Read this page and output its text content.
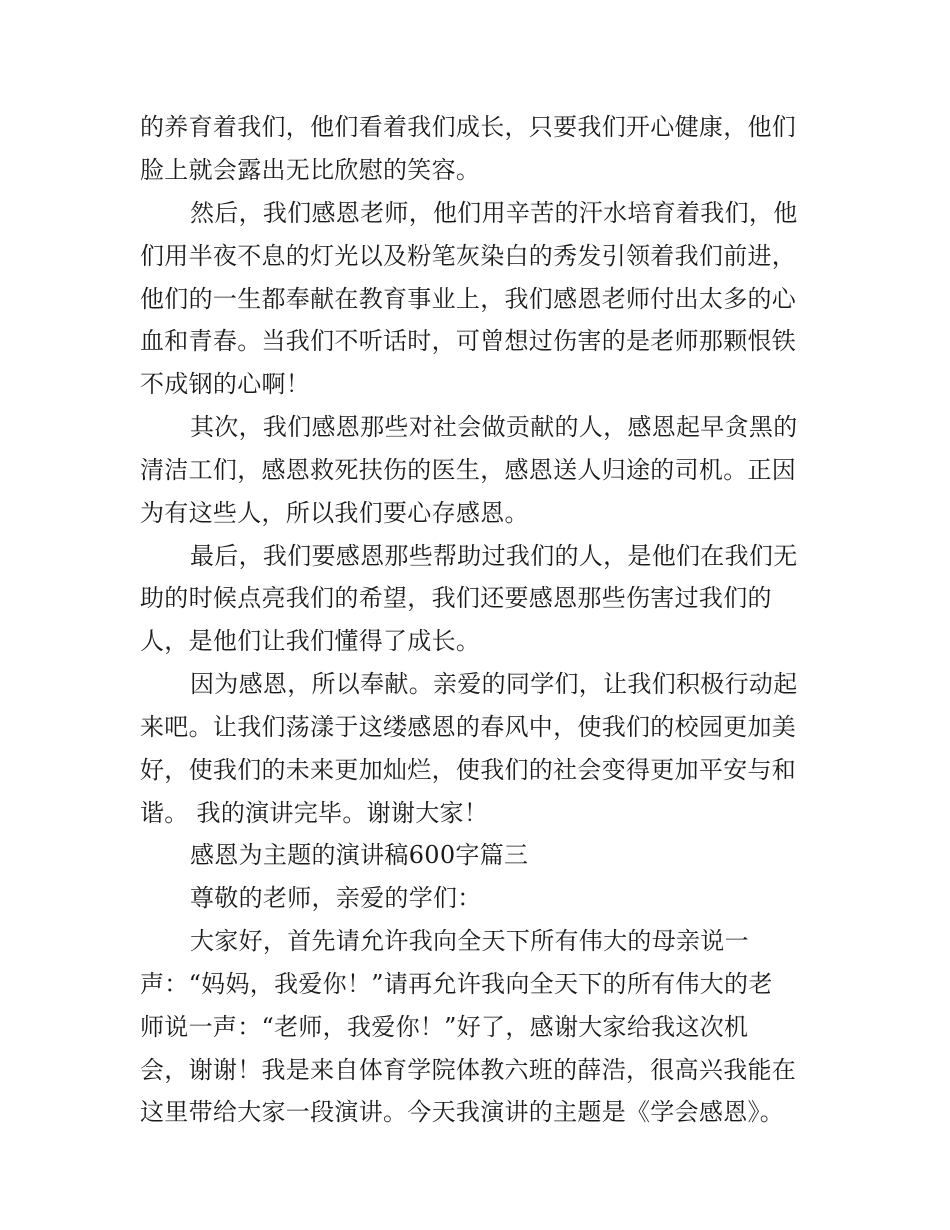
的养育着我们，他们看着我们成长，只要我们开心健康，他们
脸上就会露出无比欣慰的笑容。
然后，我们感恩老师，他们用辛苦的汗水培育着我们，他
们用半夜不息的灯光以及粉笔灰染白的秀发引领着我们前进，
他们的一生都奉献在教育事业上，我们感恩老师付出太多的心
血和青春。当我们不听话时，可曾想过伤害的是老师那颗恨铁
不成钢的心啊！
其次，我们感恩那些对社会做贡献的人，感恩起早贪黑的
清洁工们，感恩救死扶伤的医生，感恩送人归途的司机。正因
为有这些人，所以我们要心存感恩。
最后，我们要感恩那些帮助过我们的人，是他们在我们无
助的时候点亮我们的希望，我们还要感恩那些伤害过我们的
人，是他们让我们懂得了成长。
因为感恩，所以奉献。亲爱的同学们，让我们积极行动起
来吧。让我们荡漾于这缕感恩的春风中，使我们的校园更加美
好，使我们的未来更加灿烂，使我们的社会变得更加平安与和
谐。 我的演讲完毕。谢谢大家！
感恩为主题的演讲稿600字篇三
尊敬的老师，亲爱的学们：
大家好，首先请允许我向全天下所有伟大的母亲说一
声：“妈妈，我爱你！”请再允许我向全天下的所有伟大的老
师说一声：“老师，我爱你！”好了，感谢大家给我这次机
会，谢谢！我是来自体育学院体教六班的薛浩，很高兴我能在
这里带给大家一段演讲。今天我演讲的主题是《学会感恩》。
